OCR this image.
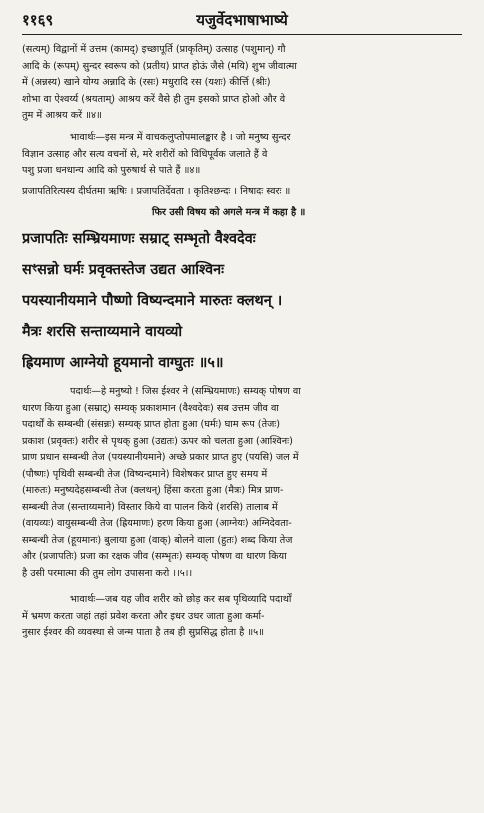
११६९	यजुर्वेदभाषाभाष्ये
(सत्यम्) विद्वानों में उत्तम (कामद्) इच्छापूर्ति (प्राकृतिम्) उत्साह (पशुमान्) गौ
आदि के (रूपम्) सुन्दर स्वरूप को (प्रतीय) प्राप्त होऊं जैसे (मयि) शुभ जीवात्मा
में (अन्नस्य) खाने योग्य अन्नादि के (रसः) मधुरादि रस (यशः) कीर्त्ति (श्रीः)
शोभा वा ऐश्वर्य्य (श्रयताम्) आश्रय करें वैसे ही तुम इसको प्राप्त होओ और वे
तुम में आश्रय करें ॥४॥
भावार्थः—इस मन्त्र में वाचकलुप्तोपमालङ्कार है । जो मनुष्य सुन्दर
विज्ञान उत्साह और सत्य वचनों से, मरे शरीरों को विधिपूर्वक जलाते हैं वे
पशु प्रजा धनधान्य आदि को पुरुषार्थ से पाते हैं ॥४॥
प्रजापतिरित्यस्य दीर्घतमा ऋषिः । प्रजापतिर्देवता । कृतिश्छन्दः । निषादः स्वरः ॥
फिर उसी विषय को अगले मन्त्र में कहा है ॥
प्रजापतिः सम्भ्रियमाणः सम्राट् सम्भृतो वैश्वदेवः
सꣳसन्नो घर्मः प्रवृक्तस्तेज उद्यत आश्विनः
पयस्यानीयमाने पौष्णो विष्यन्दमाने मारुतः क्लथन् ।
मैत्रः शरसि सन्ताय्यमाने वायव्यो
ह्रियमाण आग्नेयो हूयमानो वाग्घुतः ॥५॥
पदार्थः—हे मनुष्यो ! जिस ईश्वर ने (सम्भ्रियमाणः) सम्यक् पोषण वा
धारण किया हुआ (सम्राट्) सम्यक् प्रकाशमान (वैश्वदेवः) सब उत्तम जीव वा
पदार्थों के सम्बन्धी (संसन्नः) सम्यक् प्राप्त होता हुआ (घर्मः) घाम रूप (तेजः)
प्रकाश (प्रवृक्तः) शरीर से पृथक् हुआ (उद्यतः) ऊपर को चलता हुआ (आश्विनः)
प्राण प्रधान सम्बन्धी तेज (पयस्यानीयमाने) अच्छे प्रकार प्राप्त हुए (पयसि) जल में
(पौष्णः) पृथिवी सम्बन्धी तेज (विष्यन्दमाने) विशेषकर प्राप्त हुए समय में
(मारुतः) मनुष्यदेहसम्बन्धी तेज (क्लथन्) हिंसा करता हुआ (मैत्रः) मित्र प्राण-
सम्बन्धी तेज (सन्ताय्यमाने) विस्तार किये वा पालन किये (शरसि) तालाब में
(वायव्यः) वायुसम्बन्धी तेज (ह्रियमाणः) हरण किया हुआ (आग्नेयः) अग्निदेवता-
सम्बन्धी तेज (हूयमानः) बुलाया हुआ (वाक्) बोलने वाला (हुतः) शब्द किया तेज
और (प्रजापतिः) प्रजा का रक्षक जीव (सम्भृतः) सम्यक् पोषण वा धारण किया
है उसी परमात्मा की तुम लोग उपासना करो ।।५।।
भावार्थः—जब यह जीव शरीर को छोड़ कर सब पृथिव्यादि पदार्थों
में भ्रमण करता जहां तहां प्रवेश करता और इधर उधर जाता हुआ कर्मा-
नुसार ईश्वर की व्यवस्था से जन्म पाता है तब ही सुप्रसिद्ध होता है ॥५॥
